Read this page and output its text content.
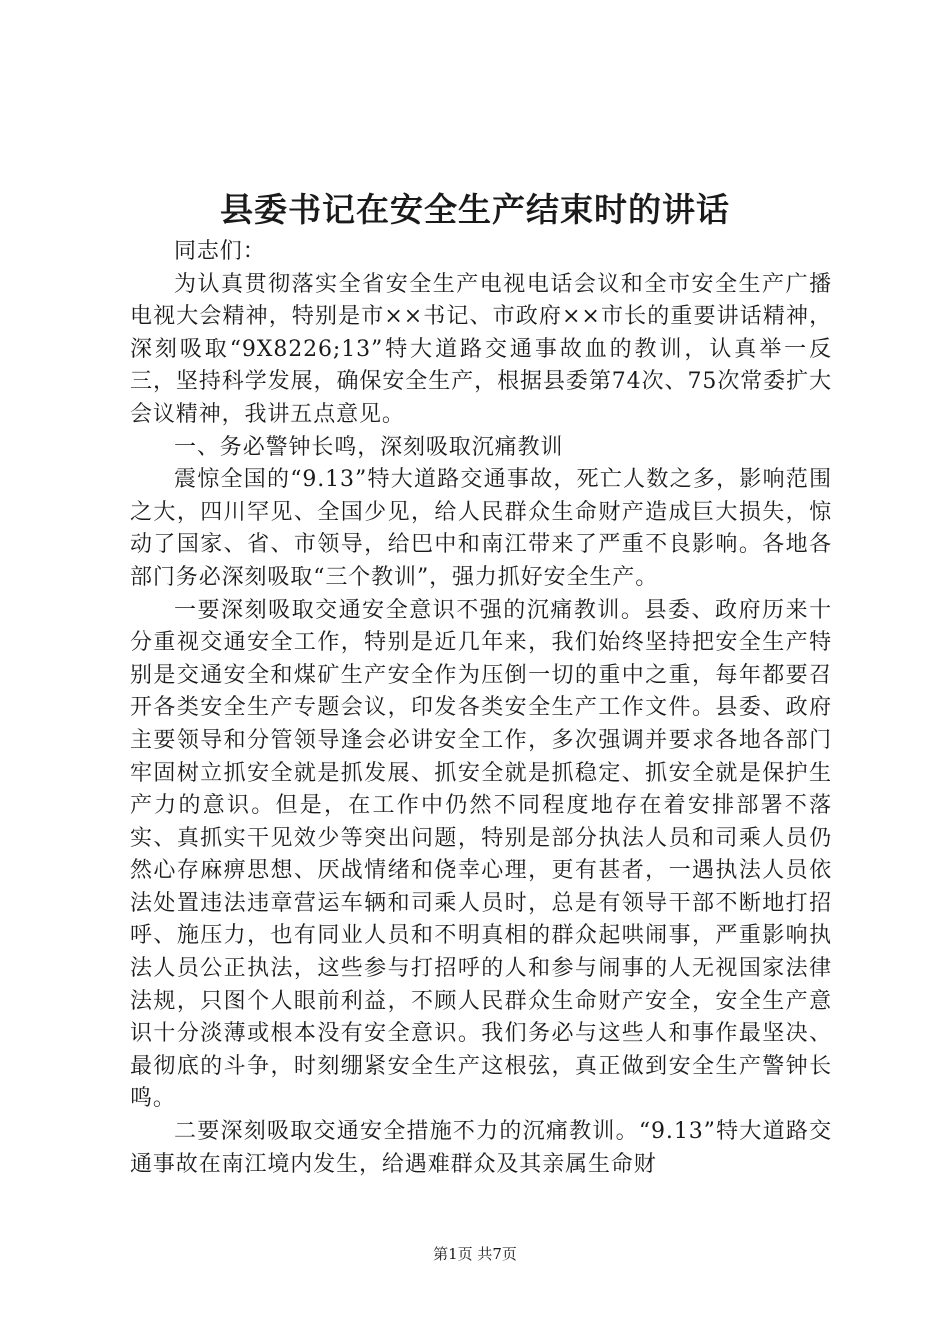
县委书记在安全生产结束时的讲话

同志们：

为认真贯彻落实全省安全生产电视电话会议和全市安全生产广播电视大会精神，特别是市××书记、市政府××市长的重要讲话精神，深刻吸取“9X8226;13”特大道路交通事故血的教训，认真举一反三，坚持科学发展，确保安全生产，根据县委第74次、75次常委扩大会议精神，我讲五点意见。

一、务必警钟长鸣，深刻吸取沉痛教训

震惊全国的“9.13”特大道路交通事故，死亡人数之多，影响范围之大，四川罕见、全国少见，给人民群众生命财产造成巨大损失，惊动了国家、省、市领导，给巴中和南江带来了严重不良影响。各地各部门务必深刻吸取“三个教训”，强力抓好安全生产。

一要深刻吸取交通安全意识不强的沉痛教训。县委、政府历来十分重视交通安全工作，特别是近几年来，我们始终坚持把安全生产特别是交通安全和煤矿生产安全作为压倒一切的重中之重，每年都要召开各类安全生产专题会议，印发各类安全生产工作文件。县委、政府主要领导和分管领导逢会必讲安全工作，多次强调并要求各地各部门牢固树立抓安全就是抓发展、抓安全就是抓稳定、抓安全就是保护生产力的意识。但是，在工作中仍然不同程度地存在着安排部署不落实、真抓实干见效少等突出问题，特别是部分执法人员和司乘人员仍然心存麻痹思想、厌战情绪和侥幸心理，更有甚者，一遇执法人员依法处置违法违章营运车辆和司乘人员时，总是有领导干部不断地打招呼、施压力，也有同业人员和不明真相的群众起哄闹事，严重影响执法人员公正执法，这些参与打招呼的人和参与闹事的人无视国家法律法规，只图个人眼前利益，不顾人民群众生命财产安全，安全生产意识十分淡薄或根本没有安全意识。我们务必与这些人和事作最坚决、最彻底的斗争，时刻绷紧安全生产这根弦，真正做到安全生产警钟长鸣。

二要深刻吸取交通安全措施不力的沉痛教训。“9.13”特大道路交通事故在南江境内发生，给遇难群众及其亲属生命财

第1页 共7页
